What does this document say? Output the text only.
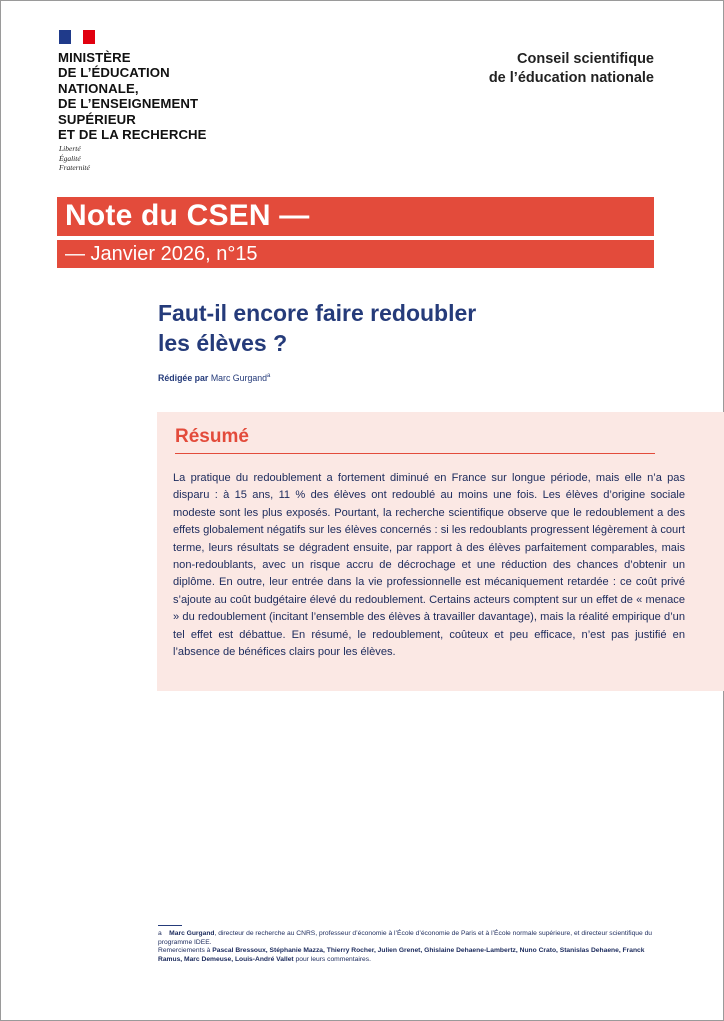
MINISTÈRE
DE L’ÉDUCATION
NATIONALE,
DE L’ENSEIGNEMENT
SUPÉRIEUR
ET DE LA RECHERCHE
Liberté
Égalité
Fraternité
Conseil scientifique
de l’éducation nationale
Note du CSEN —
— Janvier 2026, n°15
Faut-il encore faire redoubler
les élèves ?
Rédigée par Marc Gurgand$^a$
Résumé
La pratique du redoublement a fortement diminué en France sur longue période, mais elle n’a pas disparu : à 15 ans, 11 % des élèves ont redoublé au moins une fois. Les élèves d’origine sociale modeste sont les plus exposés. Pourtant, la recherche scientifique observe que le redoublement a des effets globalement négatifs sur les élèves concernés : si les redoublants progressent légèrement à court terme, leurs résultats se dégradent ensuite, par rapport à des élèves parfaitement comparables, mais non-redoublants, avec un risque accru de décrochage et une réduction des chances d’obtenir un diplôme. En outre, leur entrée dans la vie professionnelle est mécaniquement retardée : ce coût privé s’ajoute au coût budgétaire élevé du redoublement. Certains acteurs comptent sur un effet de « menace » du redoublement (incitant l’ensemble des élèves à travailler davantage), mais la réalité empirique d’un tel effet est débattue. En résumé, le redoublement, coûteux et peu efficace, n’est pas justifié en l’absence de bénéfices clairs pour les élèves.

a Marc Gurgand, directeur de recherche au CNRS, professeur d’économie à l’École d’économie de Paris et à l’École normale supérieure, et directeur scientifique du programme IDEE.

Remerciements à Pascal Bressoux, Stéphanie Mazza, Thierry Rocher, Julien Grenet, Ghislaine Dehaene-Lambertz, Nuno Crato, Stanislas Dehaene, Franck Ramus, Marc Demeuse, Louis-André Vallet pour leurs commentaires.
